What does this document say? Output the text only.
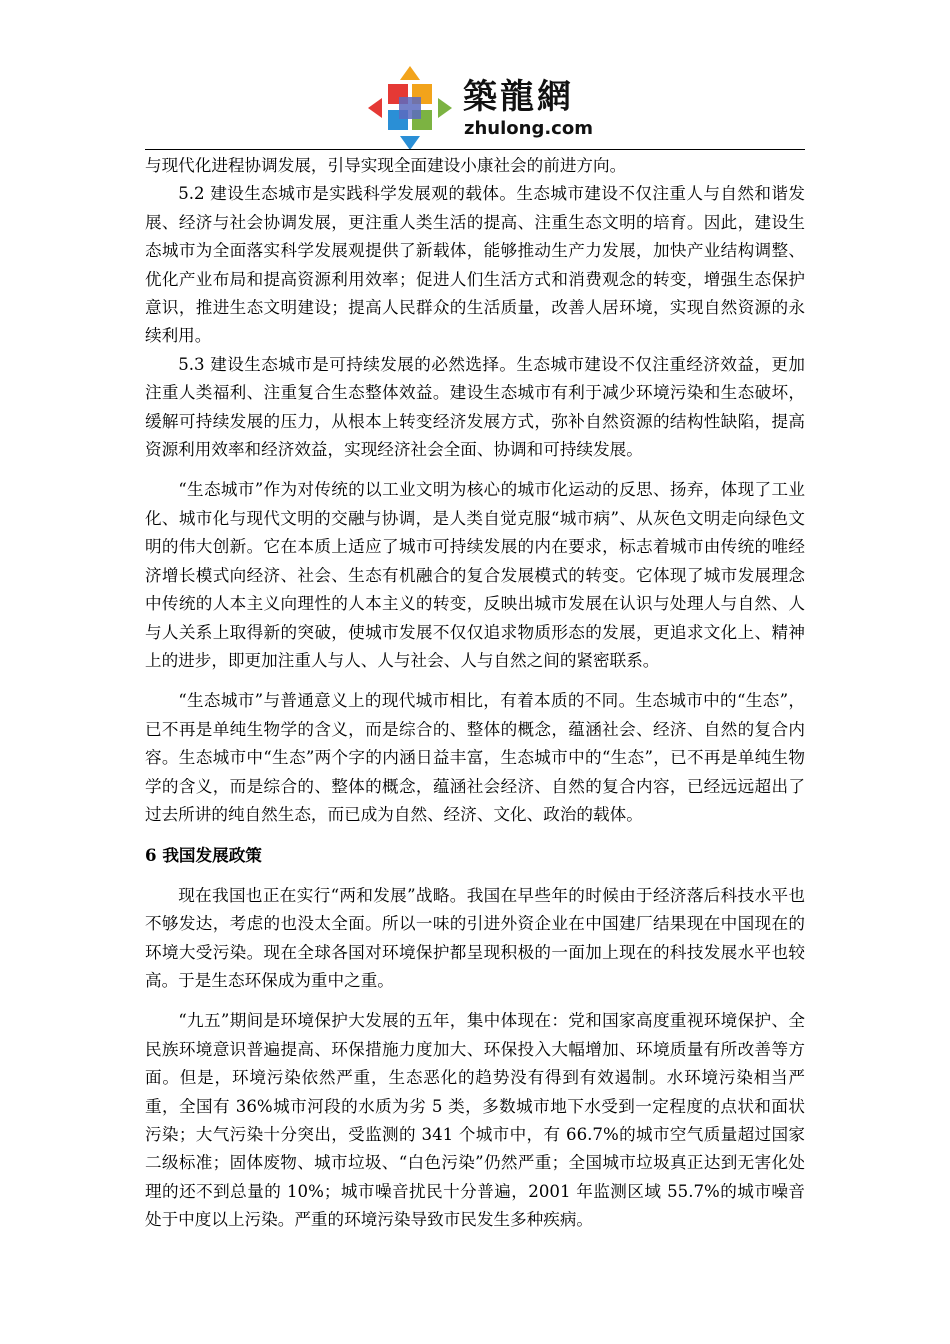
築龍網
zhulong.com

与现代化进程协调发展，引导实现全面建设小康社会的前进方向。

5.2 建设生态城市是实践科学发展观的载体。生态城市建设不仅注重人与自然和谐发展、经济与社会协调发展，更注重人类生活的提高、注重生态文明的培育。因此，建设生态城市为全面落实科学发展观提供了新载体，能够推动生产力发展，加快产业结构调整、优化产业布局和提高资源利用效率；促进人们生活方式和消费观念的转变，增强生态保护意识，推进生态文明建设；提高人民群众的生活质量，改善人居环境，实现自然资源的永续利用。

5.3 建设生态城市是可持续发展的必然选择。生态城市建设不仅注重经济效益，更加注重人类福利、注重复合生态整体效益。建设生态城市有利于减少环境污染和生态破坏，缓解可持续发展的压力，从根本上转变经济发展方式，弥补自然资源的结构性缺陷，提高资源利用效率和经济效益，实现经济社会全面、协调和可持续发展。

“生态城市”作为对传统的以工业文明为核心的城市化运动的反思、扬弃，体现了工业化、城市化与现代文明的交融与协调，是人类自觉克服“城市病”、从灰色文明走向绿色文明的伟大创新。它在本质上适应了城市可持续发展的内在要求，标志着城市由传统的唯经济增长模式向经济、社会、生态有机融合的复合发展模式的转变。它体现了城市发展理念中传统的人本主义向理性的人本主义的转变，反映出城市发展在认识与处理人与自然、人与人关系上取得新的突破，使城市发展不仅仅追求物质形态的发展，更追求文化上、精神上的进步，即更加注重人与人、人与社会、人与自然之间的紧密联系。

“生态城市”与普通意义上的现代城市相比，有着本质的不同。生态城市中的“生态”，已不再是单纯生物学的含义，而是综合的、整体的概念，蕴涵社会、经济、自然的复合内容。生态城市中“生态”两个字的内涵日益丰富，生态城市中的“生态”，已不再是单纯生物学的含义，而是综合的、整体的概念，蕴涵社会经济、自然的复合内容，已经远远超出了过去所讲的纯自然生态，而已成为自然、经济、文化、政治的载体。

6 我国发展政策

现在我国也正在实行“两和发展”战略。我国在早些年的时候由于经济落后科技水平也不够发达，考虑的也没太全面。所以一味的引进外资企业在中国建厂结果现在中国现在的环境大受污染。现在全球各国对环境保护都呈现积极的一面加上现在的科技发展水平也较高。于是生态环保成为重中之重。

“九五”期间是环境保护大发展的五年，集中体现在：党和国家高度重视环境保护、全民族环境意识普遍提高、环保措施力度加大、环保投入大幅增加、环境质量有所改善等方面。但是，环境污染依然严重，生态恶化的趋势没有得到有效遏制。水环境污染相当严重，全国有 36%城市河段的水质为劣 5 类，多数城市地下水受到一定程度的点状和面状污染；大气污染十分突出，受监测的 341 个城市中，有 66.7%的城市空气质量超过国家二级标准；固体废物、城市垃圾、“白色污染”仍然严重；全国城市垃圾真正达到无害化处理的还不到总量的 10%；城市噪音扰民十分普遍，2001 年监测区域 55.7%的城市噪音处于中度以上污染。严重的环境污染导致市民发生多种疾病。
